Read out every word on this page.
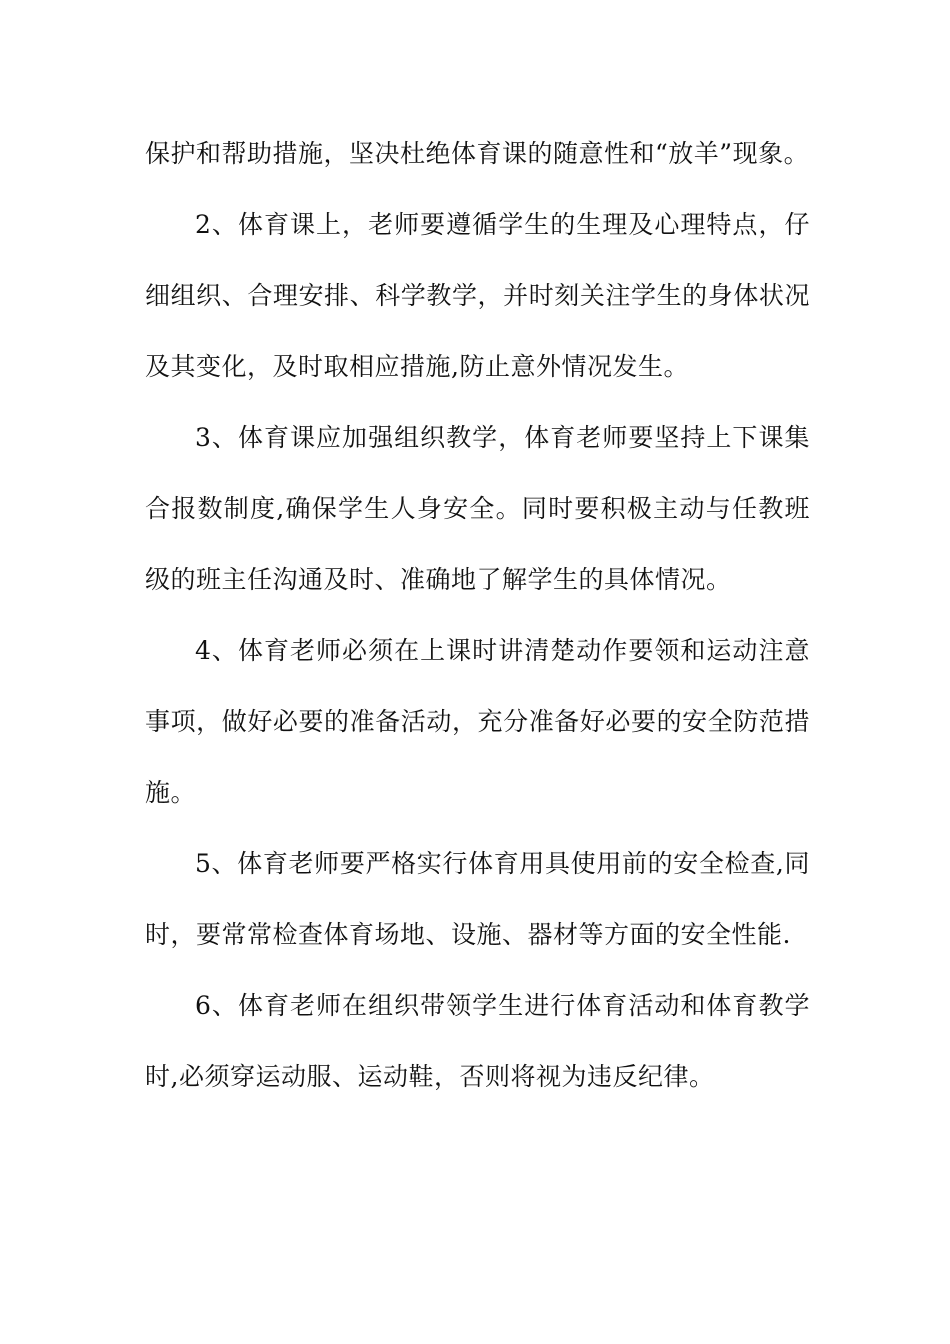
保护和帮助措施，坚决杜绝体育课的随意性和“放羊”现象。

2、体育课上，老师要遵循学生的生理及心理特点，仔细组织、合理安排、科学教学，并时刻关注学生的身体状况及其变化，及时取相应措施,防止意外情况发生。

3、体育课应加强组织教学，体育老师要坚持上下课集合报数制度,确保学生人身安全。同时要积极主动与任教班级的班主任沟通及时、准确地了解学生的具体情况。

4、体育老师必须在上课时讲清楚动作要领和运动注意事项，做好必要的准备活动，充分准备好必要的安全防范措施。

5、体育老师要严格实行体育用具使用前的安全检查,同时，要常常检查体育场地、设施、器材等方面的安全性能.

6、体育老师在组织带领学生进行体育活动和体育教学时,必须穿运动服、运动鞋，否则将视为违反纪律。
